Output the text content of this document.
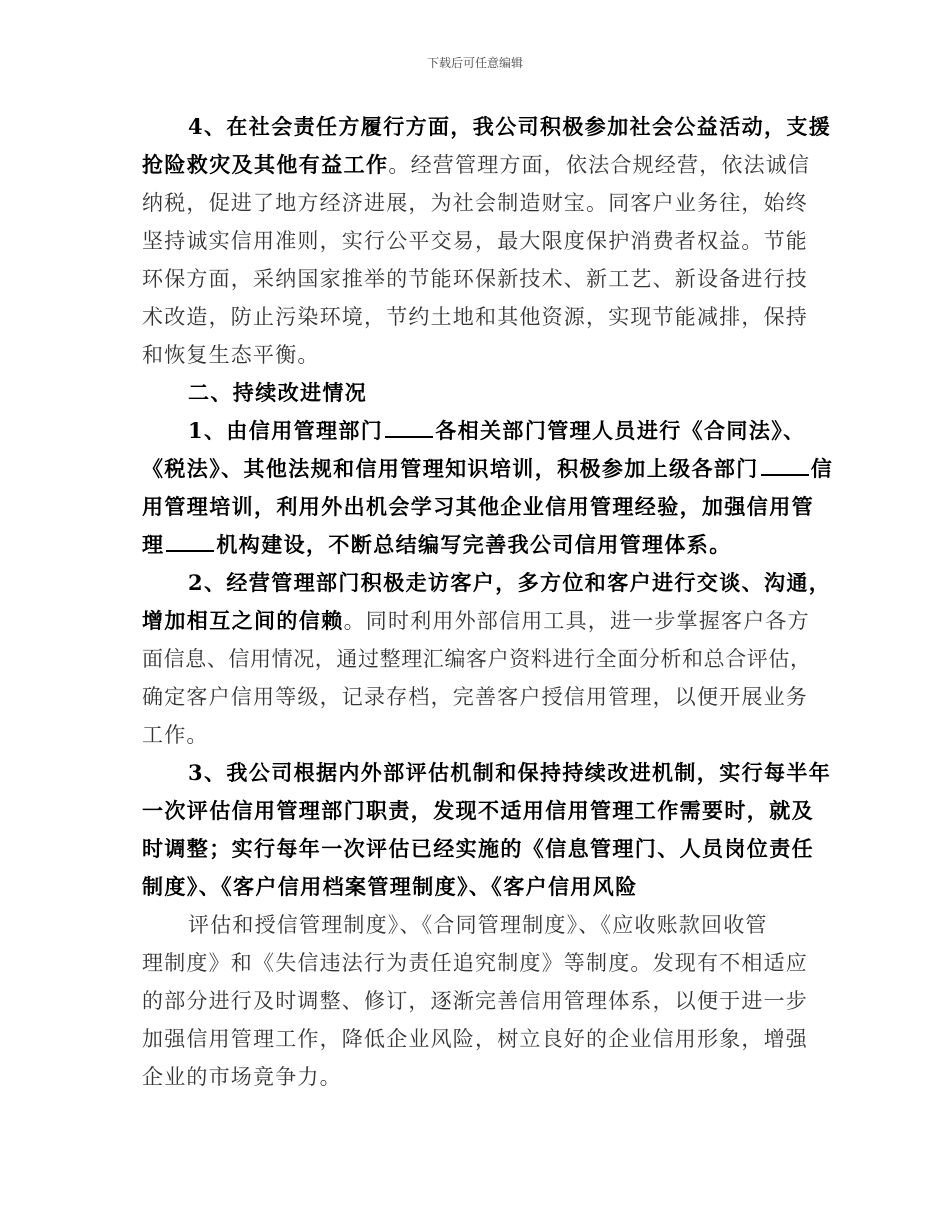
下载后可任意编辑
4、在社会责任方履行方面，我公司积极参加社会公益活动，支援
抢险救灾及其他有益工作。经营管理方面，依法合规经营，依法诚信
纳税，促进了地方经济进展，为社会制造财宝。同客户业务往，始终
坚持诚实信用准则，实行公平交易，最大限度保护消费者权益。节能
环保方面，采纳国家推举的节能环保新技术、新工艺、新设备进行技
术改造，防止污染环境，节约土地和其他资源，实现节能减排，保持
和恢复生态平衡。
二、持续改进情况
1、由信用管理部门 各相关部门管理人员进行《合同法》、
《税法》、其他法规和信用管理知识培训，积极参加上级各部门 信
用管理培训，利用外出机会学习其他企业信用管理经验，加强信用管
理 机构建设，不断总结编写完善我公司信用管理体系。
2、经营管理部门积极走访客户，多方位和客户进行交谈、沟通，
增加相互之间的信赖。同时利用外部信用工具，进一步掌握客户各方
面信息、信用情况，通过整理汇编客户资料进行全面分析和总合评估，
确定客户信用等级，记录存档，完善客户授信用管理，以便开展业务
工作。
3、我公司根据内外部评估机制和保持持续改进机制，实行每半年
一次评估信用管理部门职责，发现不适用信用管理工作需要时，就及
时调整；实行每年一次评估已经实施的《信息管理门、人员岗位责任
制度》、《客户信用档案管理制度》、《客户信用风险
评估和授信管理制度》、《合同管理制度》、《应收账款回收管
理制度》和《失信违法行为责任追究制度》等制度。发现有不相适应
的部分进行及时调整、修订，逐渐完善信用管理体系，以便于进一步
加强信用管理工作，降低企业风险，树立良好的企业信用形象，增强
企业的市场竟争力。
